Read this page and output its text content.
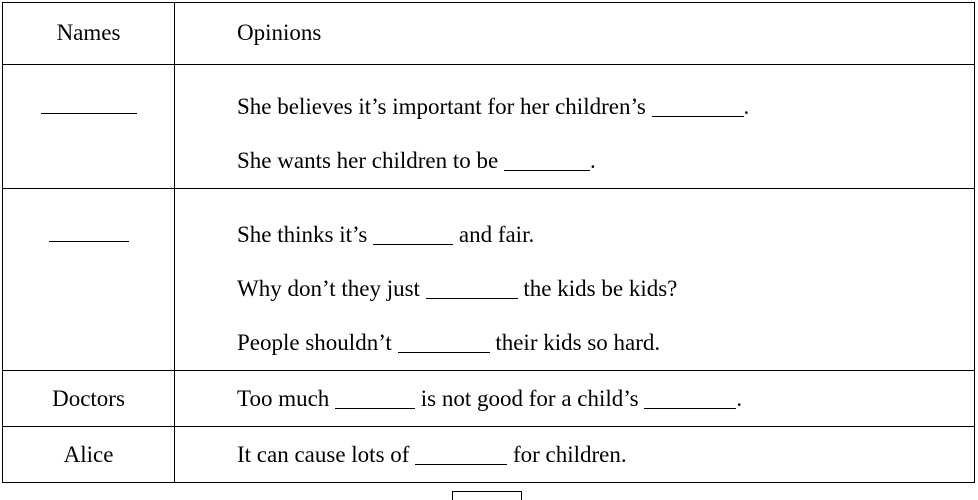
Names	Opinions

	She believes it’s important for her children’s .
She wants her children to be .

	She thinks it’s and fair.
Why don’t they just the kids be kids?
People shouldn’t their kids so hard.

Doctors	Too much is not good for a child’s .

Alice	It can cause lots of for children.
